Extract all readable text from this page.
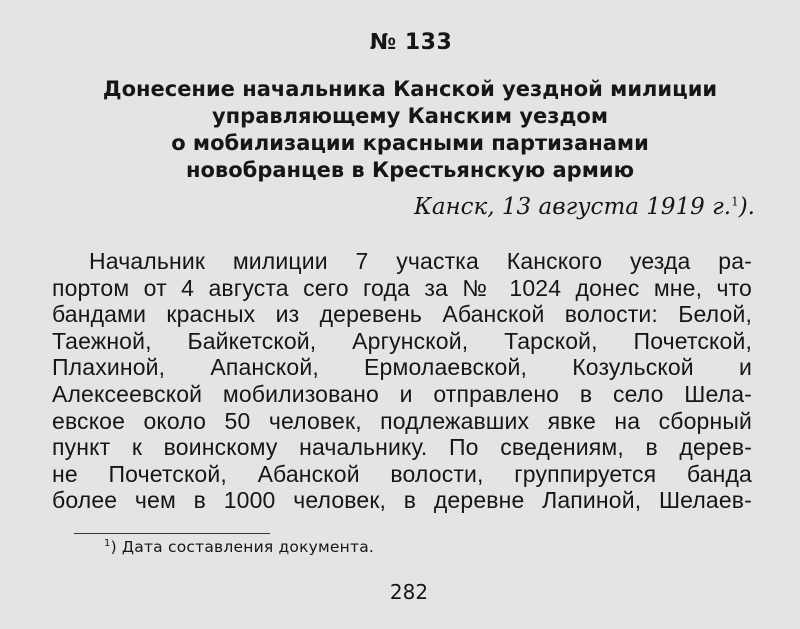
№ 133
Донесение начальника Канской уездной милиции
управляющему Канским уездом
о мобилизации красными партизанами
новобранцев в Крестьянскую армию
Канск, 13 августа 1919 г.$^1$).
Начальник милиции 7 участка Канского уезда ра-
портом от 4 августа сего года за № 1024 донес мне, что
бандами красных из деревень Абанской волости: Белой,
Таежной, Байкетской, Аргунской, Тарской, Почетской,
Плахиной, Апанской, Ермолаевской, Козульской и
Алексеевской мобилизовано и отправлено в село Шела-
евское около 50 человек, подлежавших явке на сборный
пункт к воинскому начальнику. По сведениям, в дерев-
не Почетской, Абанской волости, группируется банда
более чем в 1000 человек, в деревне Лапиной, Шелаев-
$^1$) Дата составления документа.
282
